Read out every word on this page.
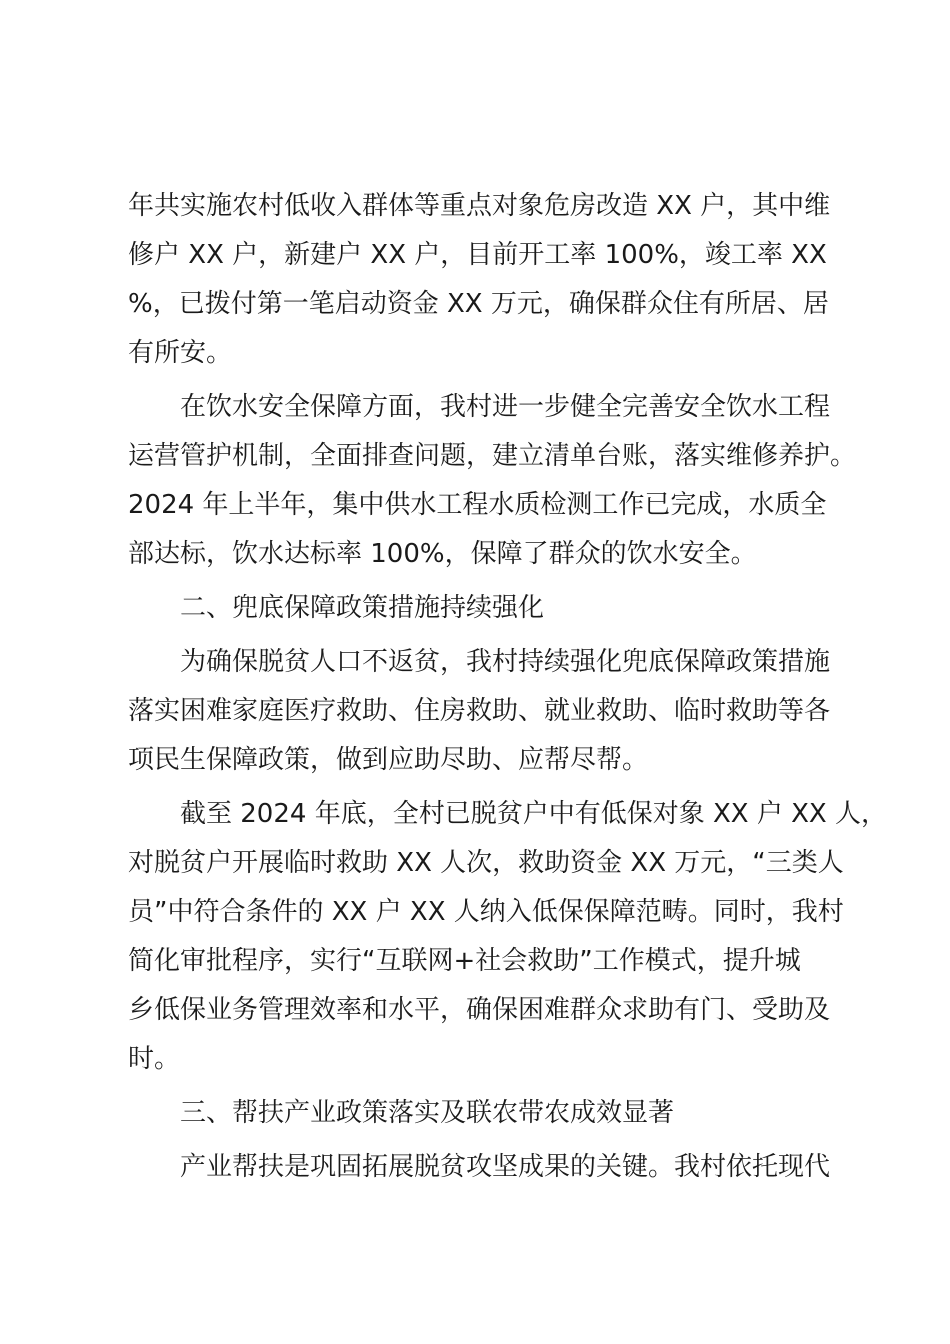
年共实施农村低收入群体等重点对象危房改造 XX 户，其中维
修户 XX 户，新建户 XX 户，目前开工率 100%，竣工率 XX
%，已拨付第一笔启动资金 XX 万元，确保群众住有所居、居
有所安。
在饮水安全保障方面，我村进一步健全完善安全饮水工程
运营管护机制，全面排查问题，建立清单台账，落实维修养护。
2024 年上半年，集中供水工程水质检测工作已完成，水质全
部达标，饮水达标率 100%，保障了群众的饮水安全。
二、兜底保障政策措施持续强化
为确保脱贫人口不返贫，我村持续强化兜底保障政策措施
落实困难家庭医疗救助、住房救助、就业救助、临时救助等各
项民生保障政策，做到应助尽助、应帮尽帮。
截至 2024 年底，全村已脱贫户中有低保对象 XX 户 XX 人，
对脱贫户开展临时救助 XX 人次，救助资金 XX 万元，“三类人
员”中符合条件的 XX 户 XX 人纳入低保保障范畴。同时，我村
简化审批程序，实行“互联网+社会救助”工作模式，提升城
乡低保业务管理效率和水平，确保困难群众求助有门、受助及
时。
三、帮扶产业政策落实及联农带农成效显著
产业帮扶是巩固拓展脱贫攻坚成果的关键。我村依托现代
